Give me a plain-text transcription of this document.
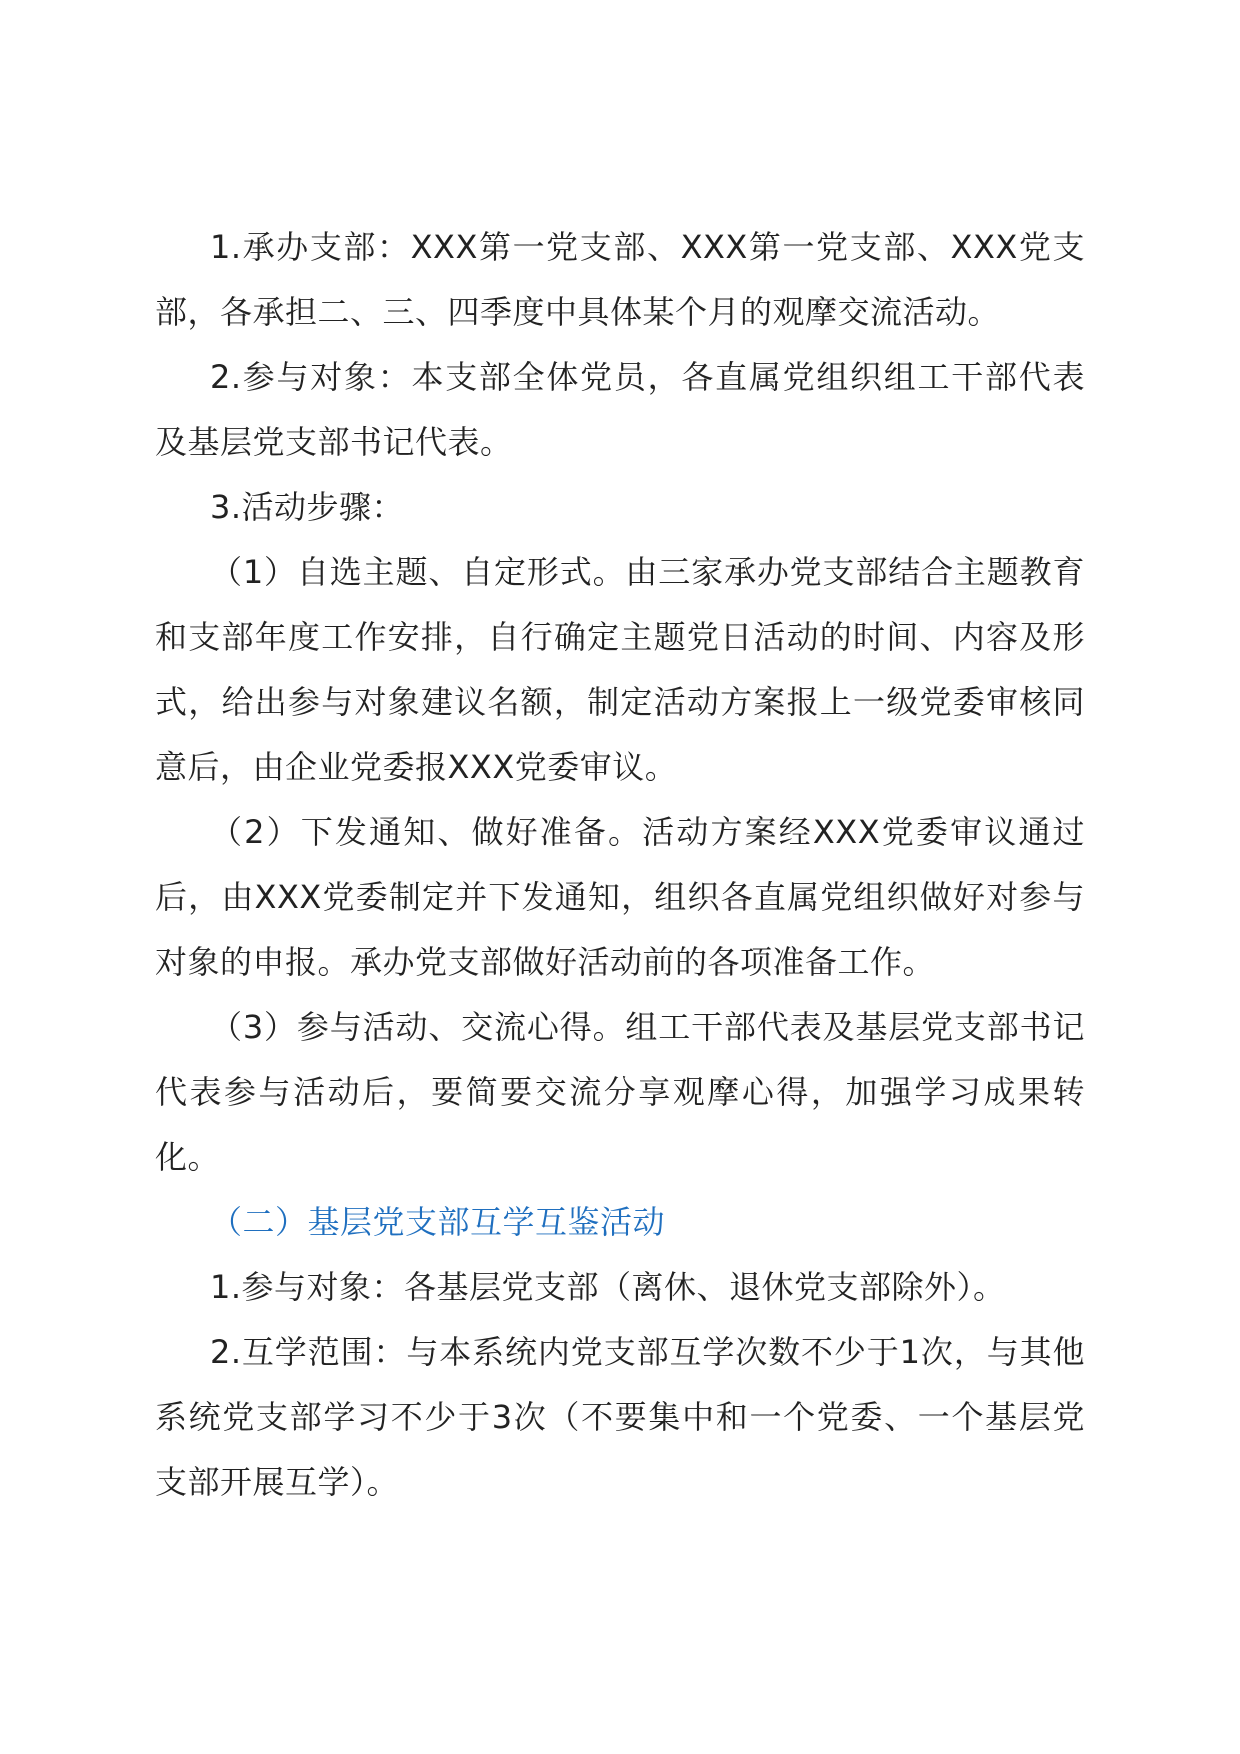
1.承办支部：XXX第一党支部、XXX第一党支部、XXX党支部，各承担二、三、四季度中具体某个月的观摩交流活动。

2.参与对象：本支部全体党员，各直属党组织组工干部代表及基层党支部书记代表。

3.活动步骤：

（1）自选主题、自定形式。由三家承办党支部结合主题教育和支部年度工作安排，自行确定主题党日活动的时间、内容及形式，给出参与对象建议名额，制定活动方案报上一级党委审核同意后，由企业党委报XXX党委审议。

（2）下发通知、做好准备。活动方案经XXX党委审议通过后，由XXX党委制定并下发通知，组织各直属党组织做好对参与对象的申报。承办党支部做好活动前的各项准备工作。

（3）参与活动、交流心得。组工干部代表及基层党支部书记代表参与活动后，要简要交流分享观摩心得，加强学习成果转化。

（二）基层党支部互学互鉴活动

1.参与对象：各基层党支部（离休、退休党支部除外）。

2.互学范围：与本系统内党支部互学次数不少于1次，与其他系统党支部学习不少于3次（不要集中和一个党委、一个基层党支部开展互学）。
